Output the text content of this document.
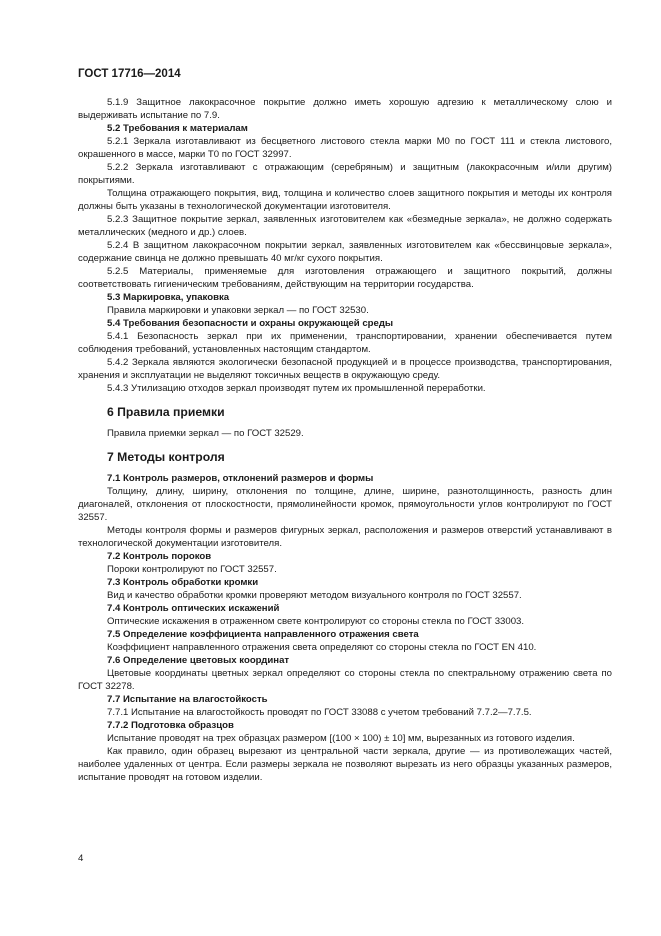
ГОСТ 17716—2014
5.1.9 Защитное лакокрасочное покрытие должно иметь хорошую адгезию к металлическому слою и выдерживать испытание по 7.9.
5.2 Требования к материалам
5.2.1 Зеркала изготавливают из бесцветного листового стекла марки М0 по ГОСТ 111 и стекла листового, окрашенного в массе, марки Т0 по ГОСТ 32997.
5.2.2 Зеркала изготавливают с отражающим (серебряным) и защитным (лакокрасочным и/или другим) покрытиями.
Толщина отражающего покрытия, вид, толщина и количество слоев защитного покрытия и методы их контроля должны быть указаны в технологической документации изготовителя.
5.2.3 Защитное покрытие зеркал, заявленных изготовителем как «безмедные зеркала», не должно содержать металлических (медного и др.) слоев.
5.2.4 В защитном лакокрасочном покрытии зеркал, заявленных изготовителем как «бессвинцовые зеркала», содержание свинца не должно превышать 40 мг/кг сухого покрытия.
5.2.5 Материалы, применяемые для изготовления отражающего и защитного покрытий, должны соответствовать гигиеническим требованиям, действующим на территории государства.
5.3 Маркировка, упаковка
Правила маркировки и упаковки зеркал — по ГОСТ 32530.
5.4 Требования безопасности и охраны окружающей среды
5.4.1 Безопасность зеркал при их применении, транспортировании, хранении обеспечивается путем соблюдения требований, установленных настоящим стандартом.
5.4.2 Зеркала являются экологически безопасной продукцией и в процессе производства, транспортирования, хранения и эксплуатации не выделяют токсичных веществ в окружающую среду.
5.4.3 Утилизацию отходов зеркал производят путем их промышленной переработки.
6 Правила приемки
Правила приемки зеркал — по ГОСТ 32529.
7 Методы контроля
7.1 Контроль размеров, отклонений размеров и формы
Толщину, длину, ширину, отклонения по толщине, длине, ширине, разнотолщинность, разность длин диагоналей, отклонения от плоскостности, прямолинейности кромок, прямоугольности углов контролируют по ГОСТ 32557.
Методы контроля формы и размеров фигурных зеркал, расположения и размеров отверстий устанавливают в технологической документации изготовителя.
7.2 Контроль пороков
Пороки контролируют по ГОСТ 32557.
7.3 Контроль обработки кромки
Вид и качество обработки кромки проверяют методом визуального контроля по ГОСТ 32557.
7.4 Контроль оптических искажений
Оптические искажения в отраженном свете контролируют со стороны стекла по ГОСТ 33003.
7.5 Определение коэффициента направленного отражения света
Коэффициент направленного отражения света определяют со стороны стекла по ГОСТ EN 410.
7.6 Определение цветовых координат
Цветовые координаты цветных зеркал определяют со стороны стекла по спектральному отражению света по ГОСТ 32278.
7.7 Испытание на влагостойкость
7.7.1 Испытание на влагостойкость проводят по ГОСТ 33088 с учетом требований 7.7.2—7.7.5.
7.7.2 Подготовка образцов
Испытание проводят на трех образцах размером [(100 × 100) ± 10] мм, вырезанных из готового изделия.
Как правило, один образец вырезают из центральной части зеркала, другие — из противолежащих частей, наиболее удаленных от центра. Если размеры зеркала не позволяют вырезать из него образцы указанных размеров, испытание проводят на готовом изделии.
4
